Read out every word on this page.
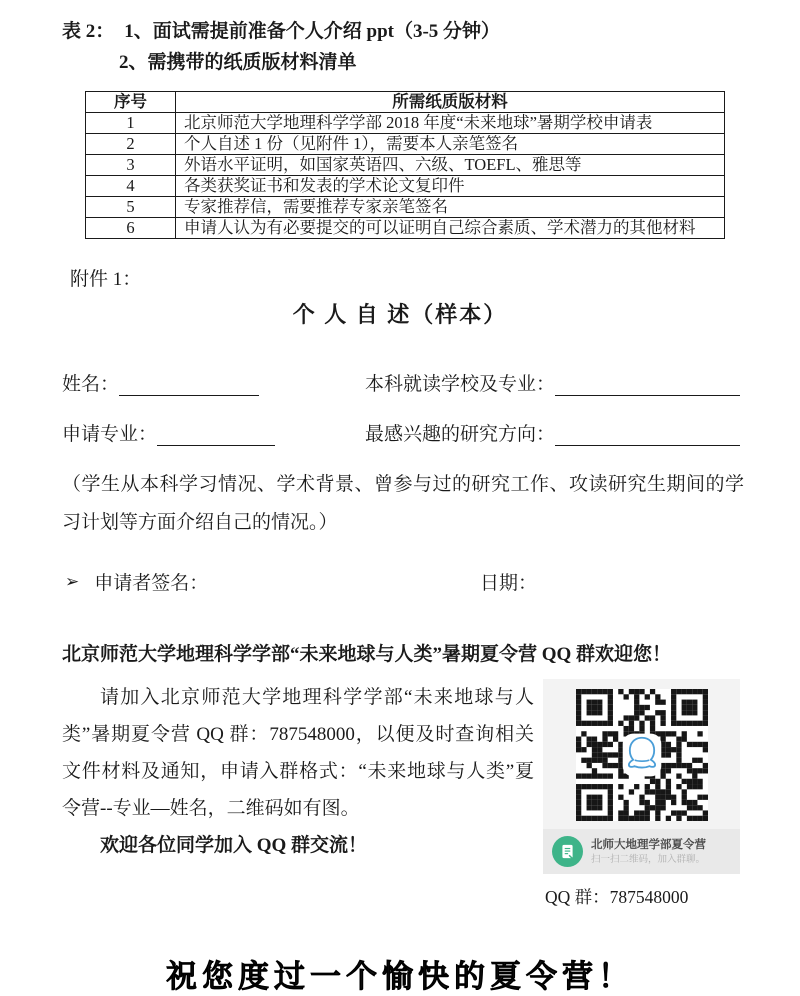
表 2： 1、面试需提前准备个人介绍 ppt（3-5 分钟）
2、需携带的纸质版材料清单
序号	所需纸质版材料
1	北京师范大学地理科学学部 2018 年度“未来地球”暑期学校申请表
2	个人自述 1 份（见附件 1），需要本人亲笔签名
3	外语水平证明，如国家英语四、六级、TOEFL、雅思等
4	各类获奖证书和发表的学术论文复印件
5	专家推荐信，需要推荐专家亲笔签名
6	申请人认为有必要提交的可以证明自己综合素质、学术潜力的其他材料
附件 1：
个 人 自 述（样本）
姓名：	本科就读学校及专业：
申请专业：	最感兴趣的研究方向：
（学生从本科学习情况、学术背景、曾参与过的研究工作、攻读研究生期间的学习计划等方面介绍自己的情况。）
➢ 申请者签名：	日期：
北京师范大学地理科学学部“未来地球与人类”暑期夏令营 QQ 群欢迎您！
请加入北京师范大学地理科学学部“未来地球与人类”暑期夏令营 QQ 群：787548000，以便及时查询相关文件材料及通知，申请入群格式：“未来地球与人类”夏令营--专业—姓名，二维码如有图。
欢迎各位同学加入 QQ 群交流！	北师大地理学部夏令营
扫一扫二维码，加入群聊。
QQ 群：787548000
祝您度过一个愉快的夏令营！
